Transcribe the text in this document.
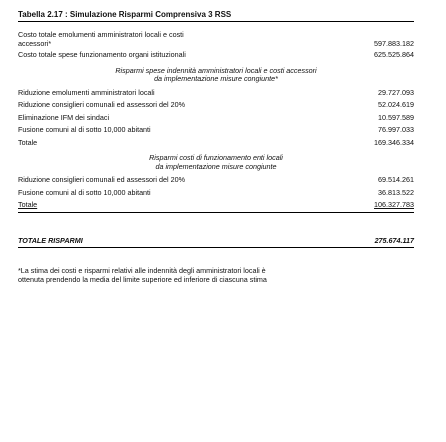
Tabella 2.17 : Simulazione Risparmi Comprensiva 3 RSS
Costo totale emolumenti amministratori locali e costi
accessori*	597.883.182
Costo totale spese funzionamento organi istituzionali	625.525.864
Risparmi spese indennità amministratori locali e costi accessori
da implementazione misure congiunte*
Riduzione emolumenti amministratori locali	29.727.093
Riduzione consiglieri comunali ed assessori del 20%	52.024.619
Eliminazione IFM dei sindaci	10.597.589
Fusione comuni al di sotto 10,000 abitanti	76.997.033
Totale	169.346.334
Risparmi costi di funzionamento enti locali
da implementazione misure congiunte
Riduzione consiglieri comunali ed assessori del 20%	69.514.261
Fusione comuni al di sotto 10,000 abitanti	36.813.522
Totale	106.327.783
TOTALE RISPARMI	275.674.117
*La stima dei costi e risparmi relativi alle indennità degli amministratori locali è
ottenuta prendendo la media del limite superiore ed inferiore di ciascuna stima
